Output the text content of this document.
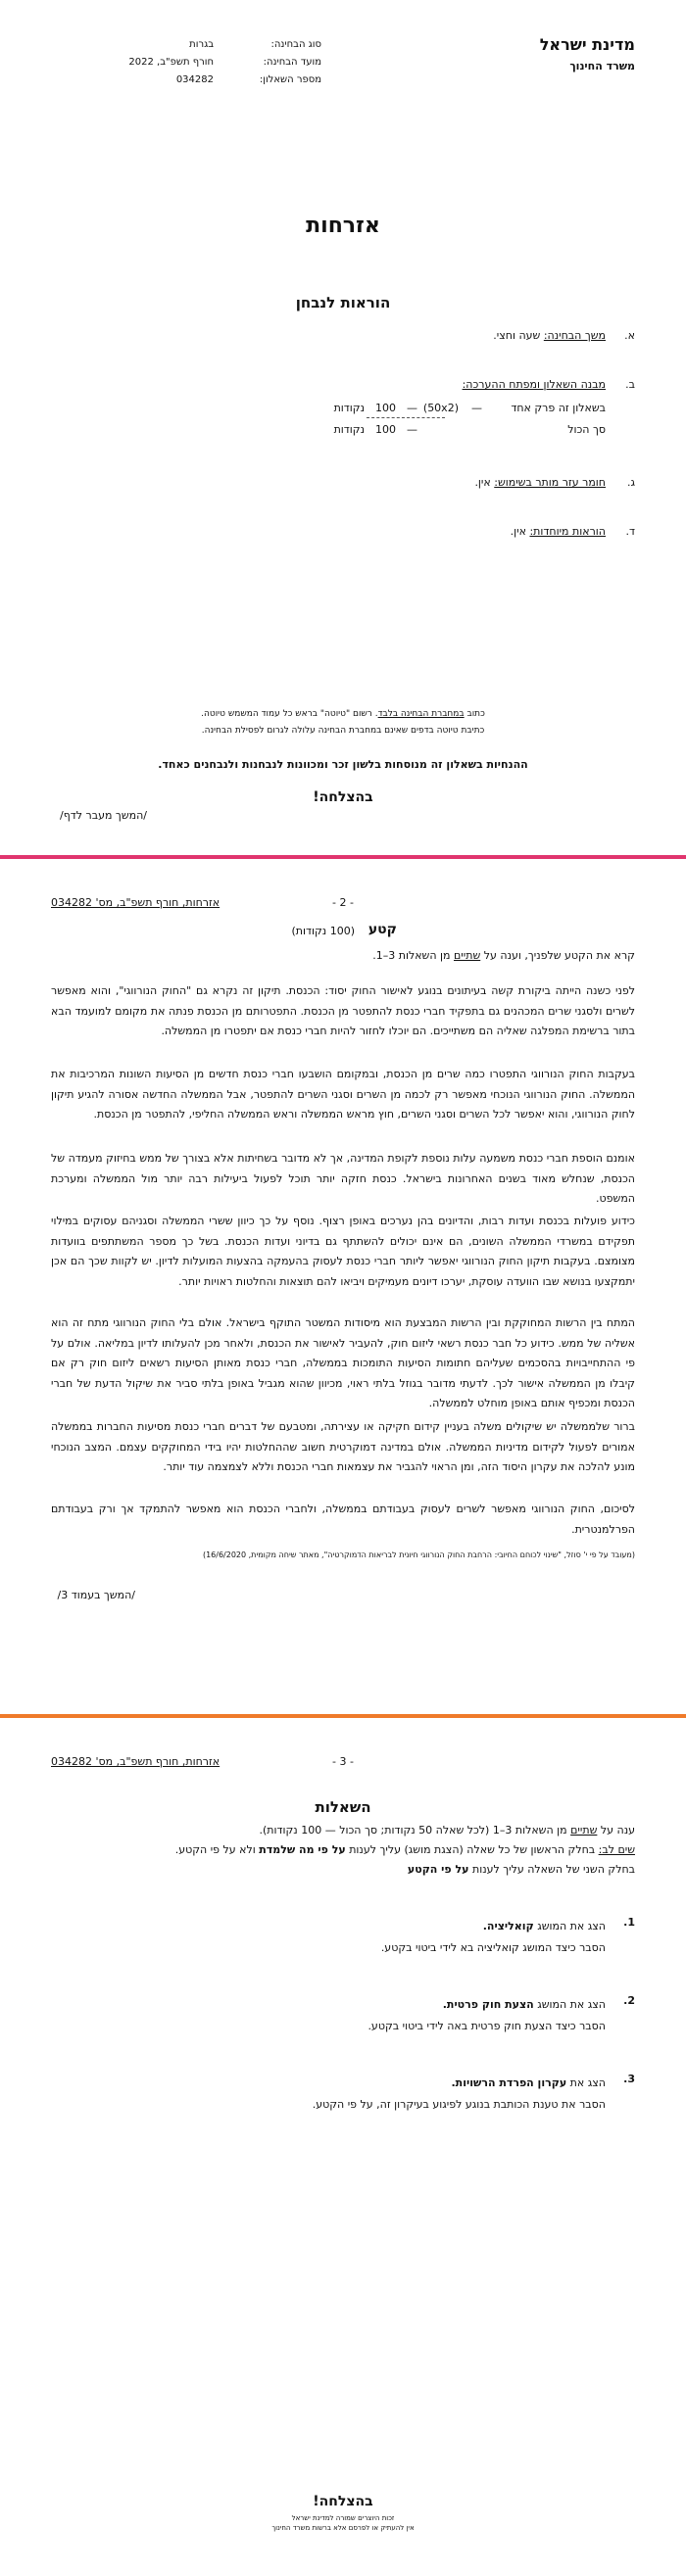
מדינת ישראל
משרד החינוך
סוג הבחינה:
בגרות
מועד הבחינה:
חורף תשפ"ב, 2022
מספר השאלון:
034282
אזרחות
הוראות לנבחן
א.
משך הבחינה: שעה וחצי.
ב.
מבנה השאלון ומפתח ההערכה:
בשאלון זה פרק אחד
—
(50x2)
—
100
נקודות
סך הכול
—
100
נקודות
ג.
חומר עזר מותר בשימוש: אין.
ד.
הוראות מיוחדות: אין.
כתוב במחברת הבחינה בלבד. רשום "טיוטה" בראש כל עמוד המשמש טיוטה.
כתיבת טיוטה בדפים שאינם במחברת הבחינה עלולה לגרום לפסילת הבחינה.
ההנחיות בשאלון זה מנוסחות בלשון זכר ומכוונות לנבחנות ולנבחנים כאחד.
בהצלחה!
/המשך מעבר לדף/
אזרחות, חורף תשפ"ב, מס' 034282	- 2 -
קטע
(100 נקודות)
קרא את הקטע שלפניך, וענה על שתיים מן השאלות 3–1.
לפני כשנה הייתה ביקורת קשה בעיתונים בנוגע לאישור החוק יסוד: הכנסת. תיקון זה נקרא גם "החוק הנורווגי", והוא מאפשר לשרים ולסגני שרים המכהנים גם בתפקיד חברי כנסת להתפטר מן הכנסת. התפטרותם מן הכנסת פנתה את מקומם למועמד הבא בתור ברשימת המפלגה שאליה הם משתייכים. הם יוכלו לחזור להיות חברי כנסת אם יתפטרו מן הממשלה.
בעקבות החוק הנורווגי התפטרו כמה שרים מן הכנסת, ובמקומם הושבעו חברי כנסת חדשים מן הסיעות השונות המרכיבות את הממשלה. החוק הנורווגי הנוכחי מאפשר רק לכמה מן השרים וסגני השרים להתפטר, אבל הממשלה החדשה אסורה להגיע תיקון לחוק הנורווגי, והוא יאפשר לכל השרים וסגני השרים, חוץ מראש הממשלה וראש הממשלה החליפי, להתפטר מן הכנסת.
אומנם הוספת חברי כנסת משמעה עלות נוספת לקופת המדינה, אך לא מדובר בשחיתות אלא בצורך של ממש בחיזוק מעמדה של הכנסת, שנחלש מאוד בשנים האחרונות בישראל. כנסת חזקה יותר תוכל לפעול ביעילות רבה יותר מול הממשלה ומערכת המשפט.
כידוע פועלות בכנסת ועדות רבות, והדיונים בהן נערכים באופן רצוף. נוסף על כך כיוון ששרי הממשלה וסגניהם עסוקים במילוי תפקידם במשרדי הממשלה השונים, הם אינם יכולים להשתתף גם בדיוני ועדות הכנסת. בשל כך מספר המשתתפים בוועדות מצומצם. בעקבות תיקון החוק הנורווגי יאפשר ליותר חברי כנסת לעסוק בהעמקה בהצעות המועלות לדיון. יש לקוות שכך הם אכן יתמקצעו בנושא שבו הוועדה עוסקת, יערכו דיונים מעמיקים ויביאו להם תוצאות והחלטות ראויות יותר.
המתח בין הרשות המחוקקת ובין הרשות המבצעת הוא מיסודות המשטר התוקף בישראל. אולם בלי החוק הנורווגי מתח זה הוא אשליה של ממש. כידוע כל חבר כנסת רשאי ליזום חוק, להעביר לאישור את הכנסת, ולאחר מכן להעלותו לדיון במליאה. אולם על פי ההתחייבויות בהסכמים שעליהם חתומות הסיעות התומכות בממשלה, חברי כנסת מאותן הסיעות רשאים ליזום חוק רק אם קיבלו מן הממשלה אישור לכך. לדעתי מדובר בגוזל בלתי ראוי, מכיוון שהוא מגביל באופן בלתי סביר את שיקול הדעת של חברי הכנסת ומכפיף אותם באופן מוחלט לממשלה.
ברור שלממשלה יש שיקולים משלה בעניין קידום חקיקה או עצירתה, ומטבעם של דברים חברי כנסת מסיעות החברות בממשלה אמורים לפעול לקידום מדיניות הממשלה. אולם במדינה דמוקרטית חשוב שההחלטות יהיו בידי המחוקקים עצמם. המצב הנוכחי מונע להלכה את עקרון היסוד הזה, ומן הראוי להגביר את עצמאות חברי הכנסת וללא לצמצמה עוד יותר.
לסיכום, החוק הנורווגי מאפשר לשרים לעסוק בעבודתם בממשלה, ולחברי הכנסת הוא מאפשר להתמקד אך ורק בעבודתם הפרלמנטרית.
(מעובד על פי י' סוזל, "שינוי לכוחם החיובי: הרחבת החוק הנורווגי חיונית לבריאות הדמוקרטיה", מאתר שיחה מקומית, 16/6/2020)
/המשך בעמוד 3/
אזרחות, חורף תשפ"ב, מס' 034282	- 3 -
השאלות
ענה על שתיים מן השאלות 3–1 (לכל שאלה 50 נקודות; סך הכול — 100 נקודות).
שים לב: בחלק הראשון של כל שאלה (הצגת מושג) עליך לענות על פי מה שלמדת ולא על פי הקטע.
בחלק השני של השאלה עליך לענות על פי הקטע
1.
הצג את המושג קואליציה.
הסבר כיצד המושג קואליציה בא לידי ביטוי בקטע.
2.
הצג את המושג הצעת חוק פרטית.
הסבר כיצד הצעת חוק פרטית באה לידי ביטוי בקטע.
3.
הצג את עקרון הפרדת הרשויות.
הסבר את טענת הכותבת בנוגע לפיגוע בעיקרון זה, על פי הקטע.
בהצלחה!
זכות היוצרים שמורה למדינת ישראל
אין להעתיק או לפרסם אלא ברשות משרד החינוך
